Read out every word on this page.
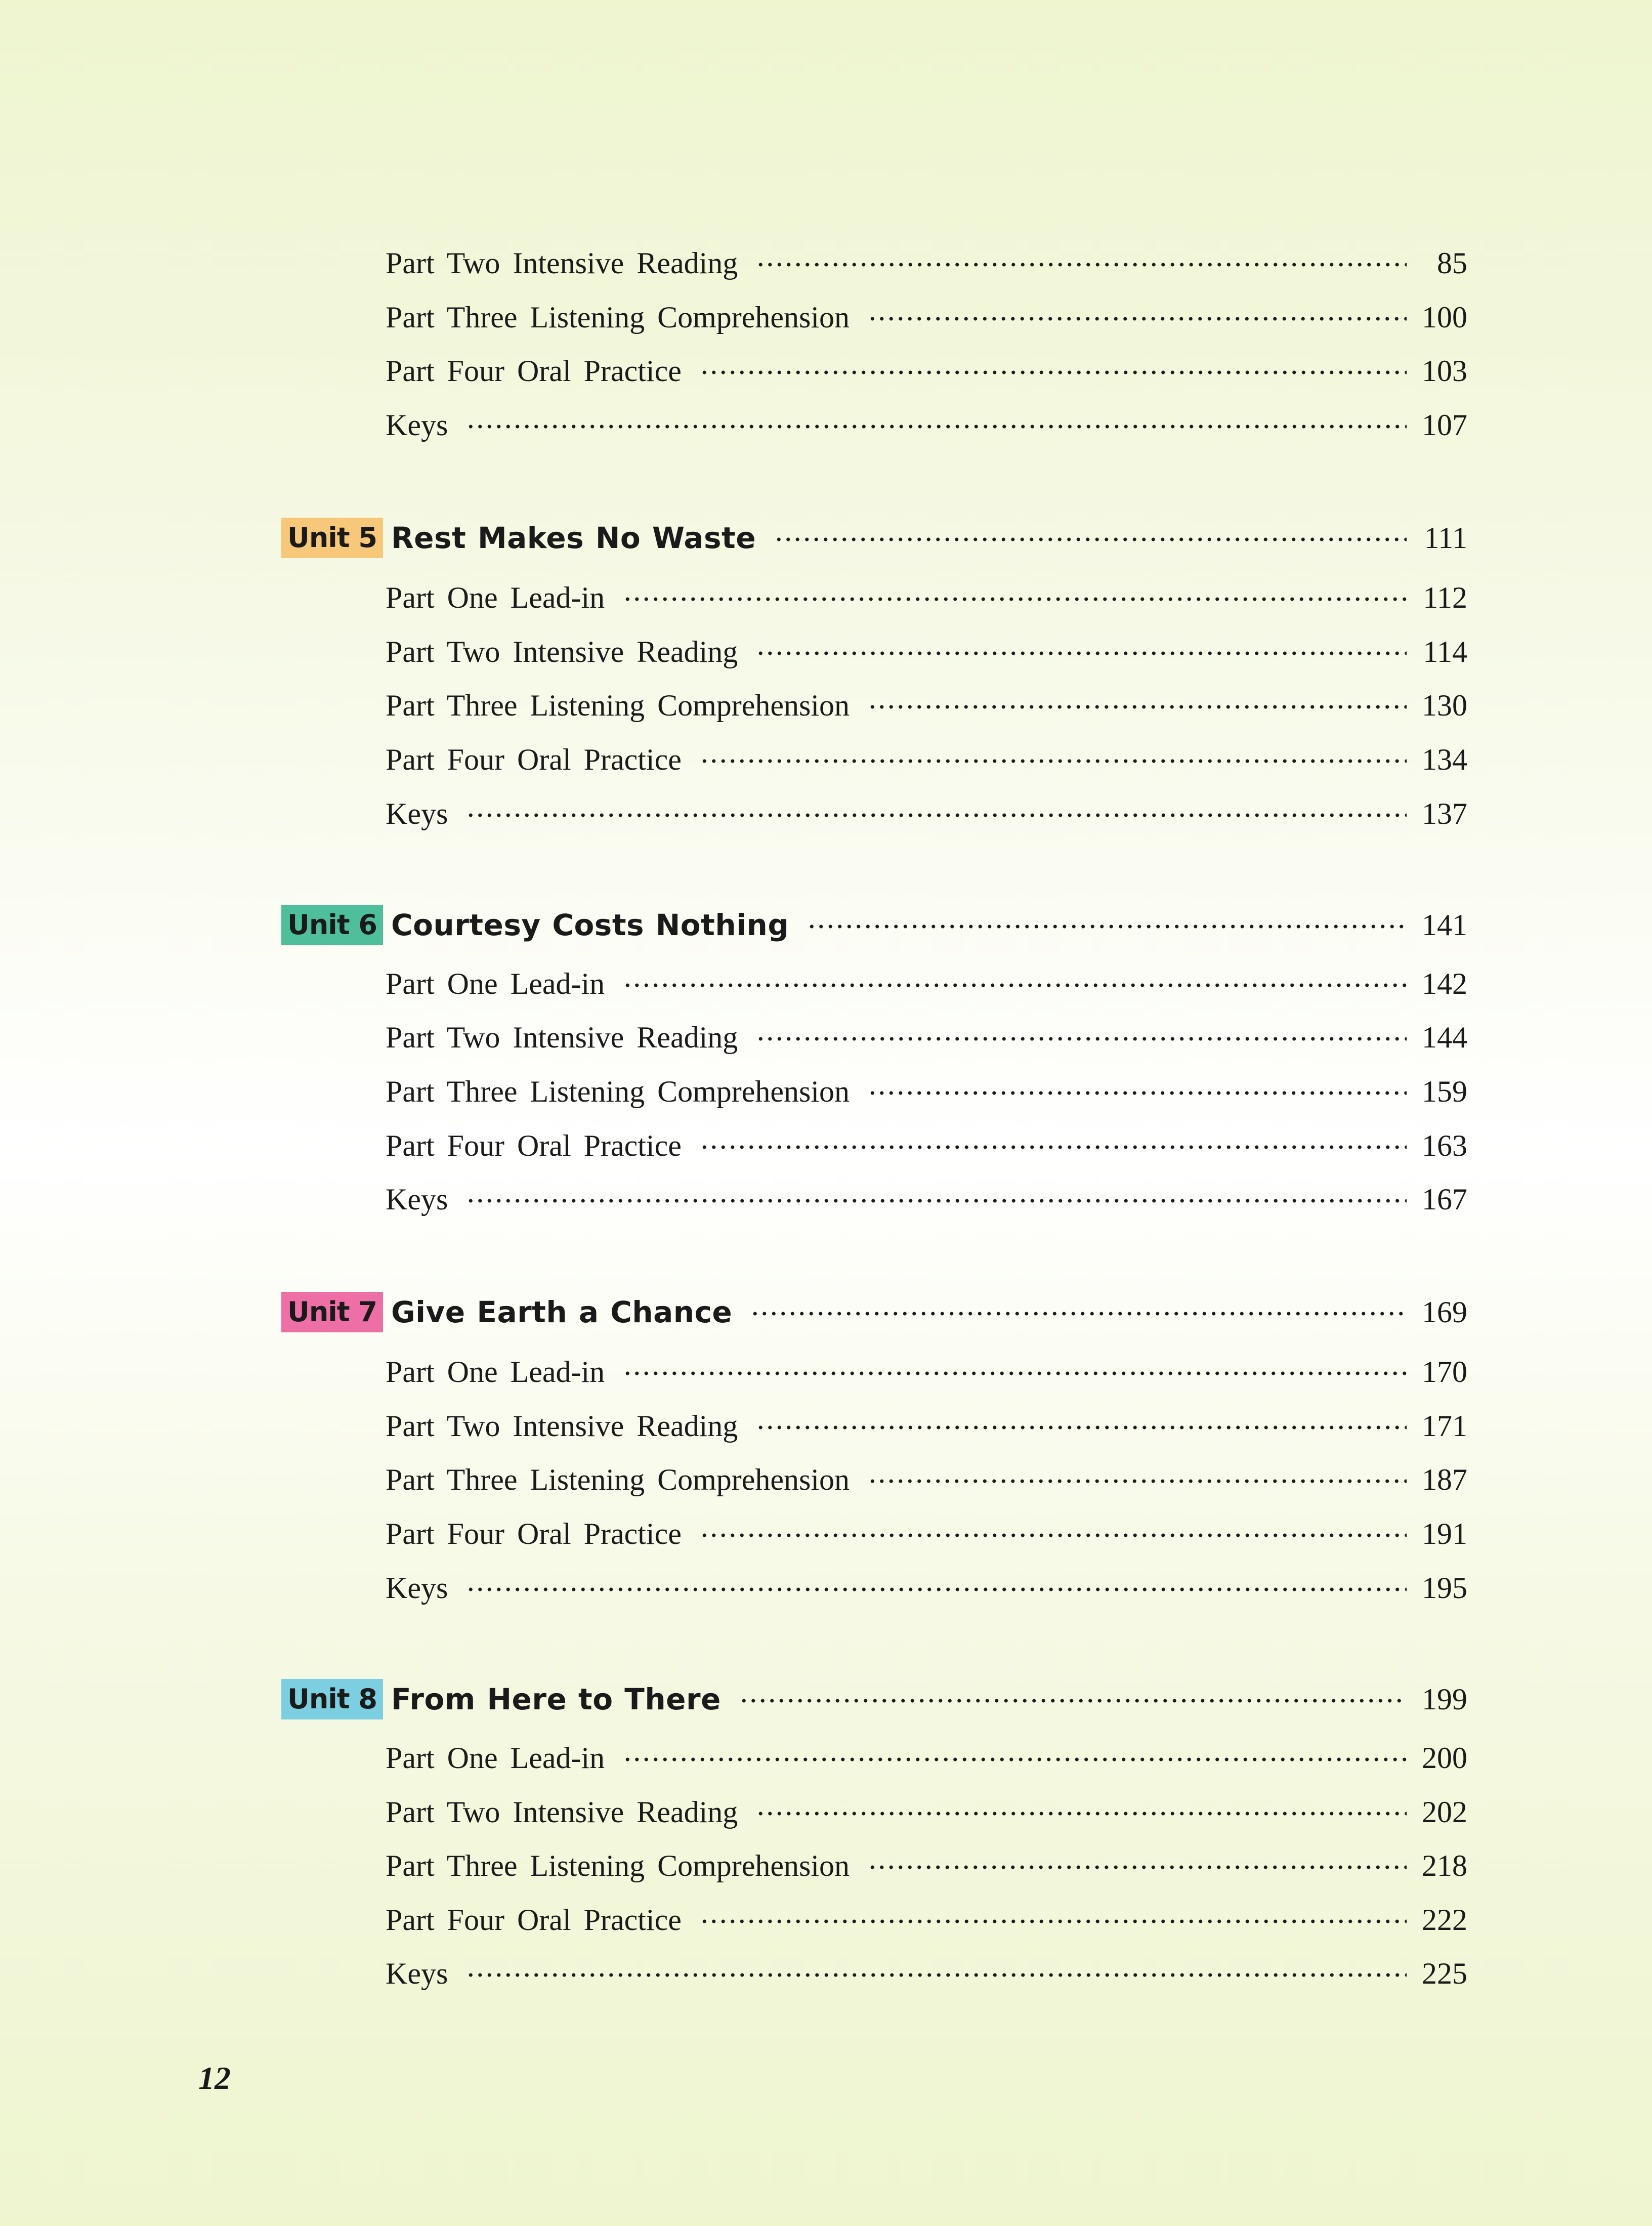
Part Two Intensive Reading	85
Part Three Listening Comprehension	100
Part Four Oral Practice	103
Keys	107
Unit 5 Rest Makes No Waste	111
Part One Lead-in	112
Part Two Intensive Reading	114
Part Three Listening Comprehension	130
Part Four Oral Practice	134
Keys	137
Unit 6 Courtesy Costs Nothing	141
Part One Lead-in	142
Part Two Intensive Reading	144
Part Three Listening Comprehension	159
Part Four Oral Practice	163
Keys	167
Unit 7 Give Earth a Chance	169
Part One Lead-in	170
Part Two Intensive Reading	171
Part Three Listening Comprehension	187
Part Four Oral Practice	191
Keys	195
Unit 8 From Here to There	199
Part One Lead-in	200
Part Two Intensive Reading	202
Part Three Listening Comprehension	218
Part Four Oral Practice	222
Keys	225
12
